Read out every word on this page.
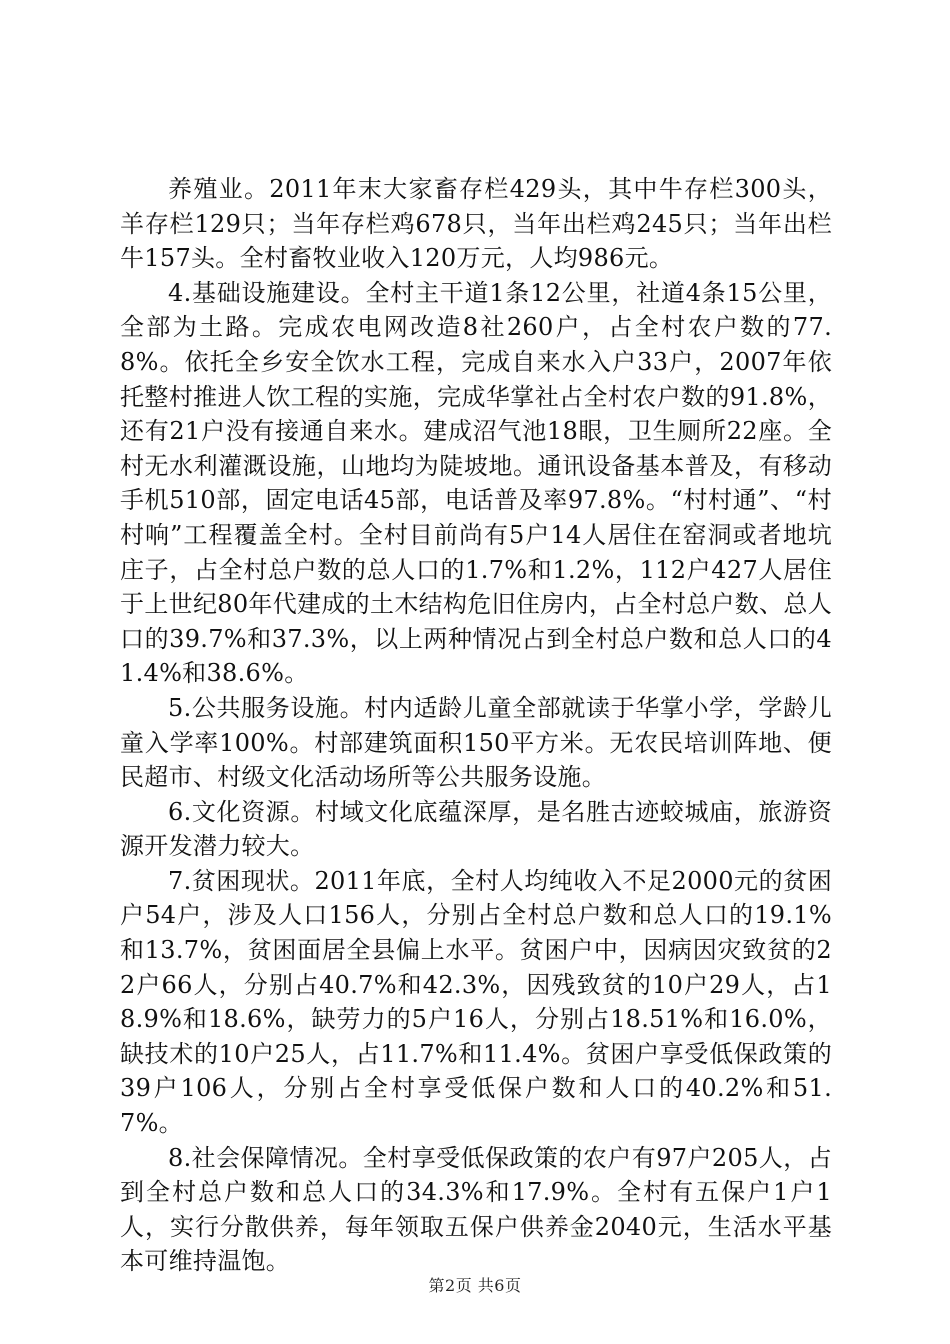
养殖业。2011年末大家畜存栏429头，其中牛存栏300头，羊存栏129只；当年存栏鸡678只，当年出栏鸡245只；当年出栏牛157头。全村畜牧业收入120万元，人均986元。

4.基础设施建设。全村主干道1条12公里，社道4条15公里，全部为土路。完成农电网改造8社260户，占全村农户数的77.8%。依托全乡安全饮水工程，完成自来水入户33户，2007年依托整村推进人饮工程的实施，完成华掌社占全村农户数的91.8%，还有21户没有接通自来水。建成沼气池18眼，卫生厕所22座。全村无水利灌溉设施，山地均为陡坡地。通讯设备基本普及，有移动手机510部，固定电话45部，电话普及率97.8%。“村村通”、“村村响”工程覆盖全村。全村目前尚有5户14人居住在窑洞或者地坑庄子，占全村总户数的总人口的1.7%和1.2%，112户427人居住于上世纪80年代建成的土木结构危旧住房内，占全村总户数、总人口的39.7%和37.3%，以上两种情况占到全村总户数和总人口的41.4%和38.6%。

5.公共服务设施。村内适龄儿童全部就读于华掌小学，学龄儿童入学率100%。村部建筑面积150平方米。无农民培训阵地、便民超市、村级文化活动场所等公共服务设施。

6.文化资源。村域文化底蕴深厚，是名胜古迹蛟城庙，旅游资源开发潜力较大。

7.贫困现状。2011年底，全村人均纯收入不足2000元的贫困户54户，涉及人口156人，分别占全村总户数和总人口的19.1%和13.7%，贫困面居全县偏上水平。贫困户中，因病因灾致贫的22户66人，分别占40.7%和42.3%，因残致贫的10户29人，占18.9%和18.6%，缺劳力的5户16人，分别占18.51%和16.0%，缺技术的10户25人，占11.7%和11.4%。贫困户享受低保政策的39户106人，分别占全村享受低保户数和人口的40.2%和51.7%。

8.社会保障情况。全村享受低保政策的农户有97户205人，占到全村总户数和总人口的34.3%和17.9%。全村有五保户1户1人，实行分散供养，每年领取五保户供养金2040元，生活水平基本可维持温饱。

第2页 共6页
